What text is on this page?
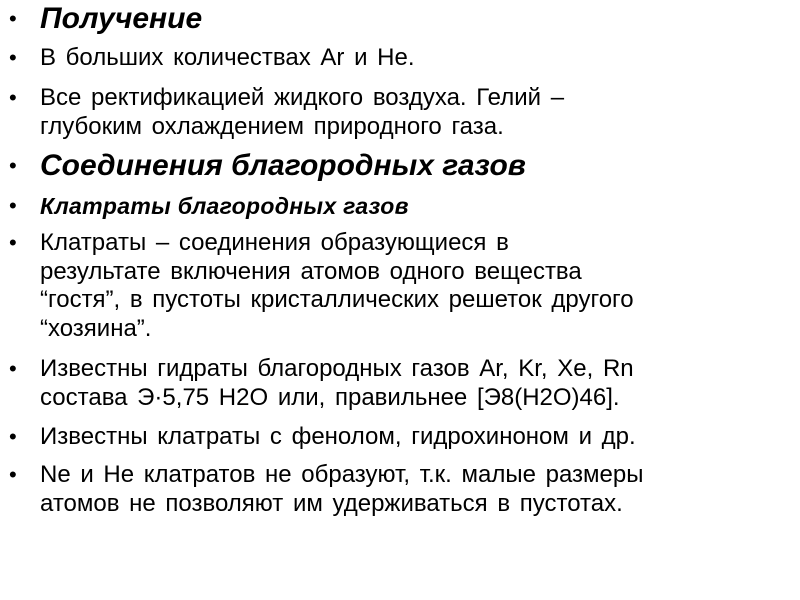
• Получение
• В больших количествах Ar и He.
• Все ректификацией жидкого воздуха. Гелий –
глубоким охлаждением природного газа.
• Соединения благородных газов
• Клатраты благородных газов
• Клатраты – соединения образующиеся в
результате включения атомов одного вещества
“гостя”, в пустоты кристаллических решеток другого
“хозяина”.
• Известны гидраты благородных газов Ar, Kr, Xe, Rn
состава Э·5,75 H2O или, правильнее [Э8(H2O)46].
• Известны клатраты с фенолом, гидрохиноном и др.
• Ne и He клатратов не образуют, т.к. малые размеры
атомов не позволяют им удерживаться в пустотах.
